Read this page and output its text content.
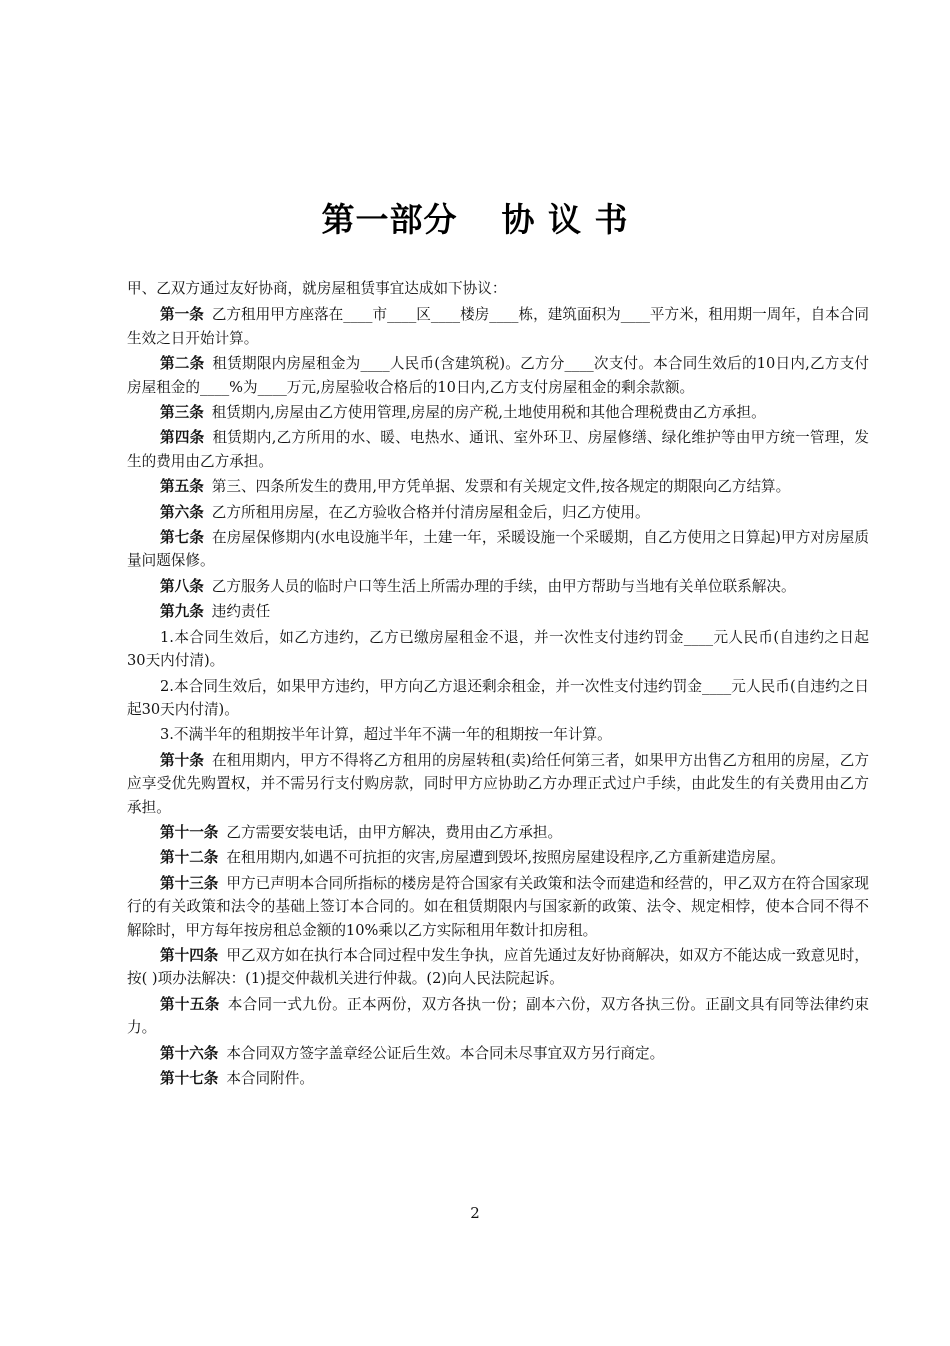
第一部分 协 议 书

甲、乙双方通过友好协商，就房屋租赁事宜达成如下协议：

第一条 乙方租用甲方座落在____市____区____楼房____栋，建筑面积为____平方米，租用期一周年，自本合同生效之日开始计算。

第二条 租赁期限内房屋租金为____人民币(含建筑税)。乙方分____次支付。本合同生效后的10日内,乙方支付房屋租金的____%为____万元,房屋验收合格后的10日内,乙方支付房屋租金的剩余款额。

第三条 租赁期内,房屋由乙方使用管理,房屋的房产税,土地使用税和其他合理税费由乙方承担。

第四条 租赁期内,乙方所用的水、暖、电热水、通讯、室外环卫、房屋修缮、绿化维护等由甲方统一管理，发生的费用由乙方承担。

第五条 第三、四条所发生的费用,甲方凭单据、发票和有关规定文件,按各规定的期限向乙方结算。

第六条 乙方所租用房屋，在乙方验收合格并付清房屋租金后，归乙方使用。

第七条 在房屋保修期内(水电设施半年，土建一年，采暖设施一个采暖期，自乙方使用之日算起)甲方对房屋质量问题保修。

第八条 乙方服务人员的临时户口等生活上所需办理的手续，由甲方帮助与当地有关单位联系解决。

第九条 违约责任

1.本合同生效后，如乙方违约，乙方已缴房屋租金不退，并一次性支付违约罚金____元人民币(自违约之日起30天内付清)。

2.本合同生效后，如果甲方违约，甲方向乙方退还剩余租金，并一次性支付违约罚金____元人民币(自违约之日起30天内付清)。

3.不满半年的租期按半年计算，超过半年不满一年的租期按一年计算。

第十条 在租用期内，甲方不得将乙方租用的房屋转租(卖)给任何第三者，如果甲方出售乙方租用的房屋，乙方应享受优先购置权，并不需另行支付购房款，同时甲方应协助乙方办理正式过户手续，由此发生的有关费用由乙方承担。

第十一条 乙方需要安装电话，由甲方解决，费用由乙方承担。

第十二条 在租用期内,如遇不可抗拒的灾害,房屋遭到毁坏,按照房屋建设程序,乙方重新建造房屋。

第十三条 甲方已声明本合同所指标的楼房是符合国家有关政策和法令而建造和经营的，甲乙双方在符合国家现行的有关政策和法令的基础上签订本合同的。如在租赁期限内与国家新的政策、法令、规定相悖，使本合同不得不解除时，甲方每年按房租总金额的10%乘以乙方实际租用年数计扣房租。

第十四条 甲乙双方如在执行本合同过程中发生争执，应首先通过友好协商解决，如双方不能达成一致意见时，按( )项办法解决：(1)提交仲裁机关进行仲裁。(2)向人民法院起诉。

第十五条 本合同一式九份。正本两份，双方各执一份；副本六份，双方各执三份。正副文具有同等法律约束力。

第十六条 本合同双方签字盖章经公证后生效。本合同未尽事宜双方另行商定。

第十七条 本合同附件。

2
